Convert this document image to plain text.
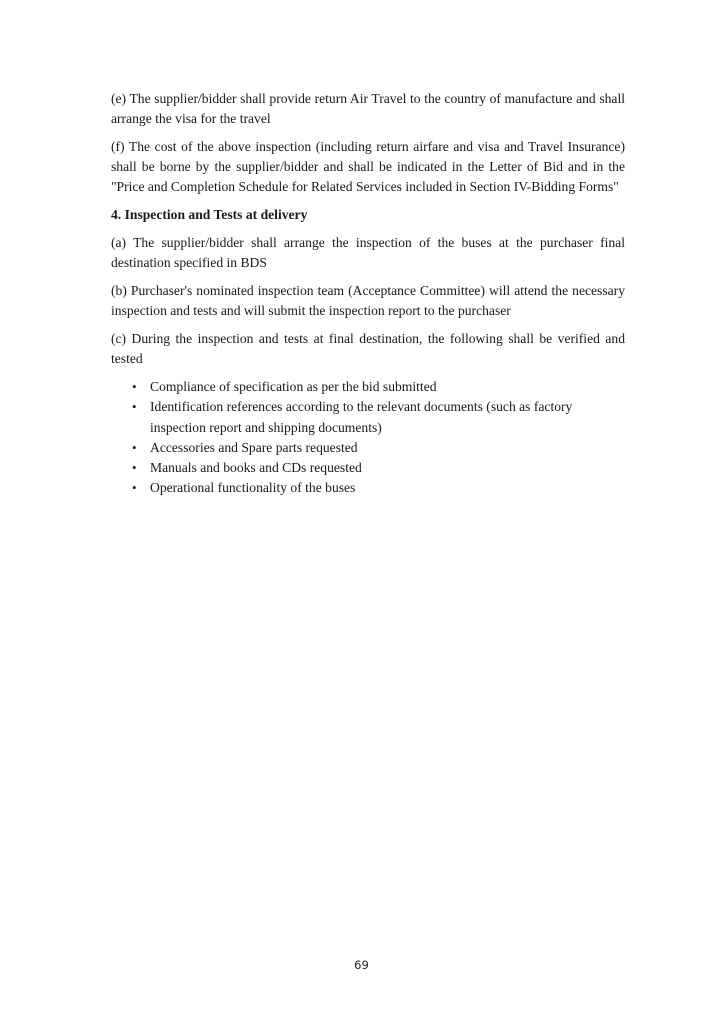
(e) The supplier/bidder shall provide return Air Travel to the country of manufacture and shall arrange the visa for the travel

(f) The cost of the above inspection (including return airfare and visa and Travel Insurance) shall be borne by the supplier/bidder and shall be indicated in the Letter of Bid and in the "Price and Completion Schedule for Related Services included in Section IV-Bidding Forms"

4. Inspection and Tests at delivery

(a) The supplier/bidder shall arrange the inspection of the buses at the purchaser final destination specified in BDS

(b) Purchaser's nominated inspection team (Acceptance Committee) will attend the necessary inspection and tests and will submit the inspection report to the purchaser

(c) During the inspection and tests at final destination, the following shall be verified and tested

• Compliance of specification as per the bid submitted
• Identification references according to the relevant documents (such as factory inspection report and shipping documents)
• Accessories and Spare parts requested
• Manuals and books and CDs requested
• Operational functionality of the buses
69
